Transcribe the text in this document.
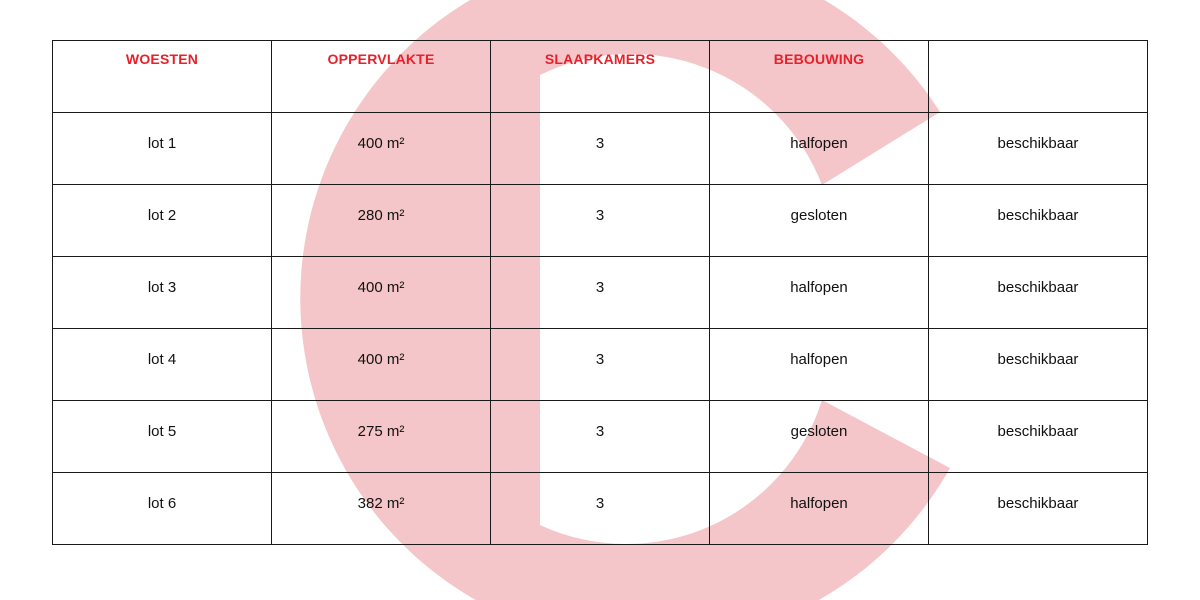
WOESTEN	OPPERVLAKTE	SLAAPKAMERS	BEBOUWING	
lot 1	400 m²	3	halfopen	beschikbaar
lot 2	280 m²	3	gesloten	beschikbaar
lot 3	400 m²	3	halfopen	beschikbaar
lot 4	400 m²	3	halfopen	beschikbaar
lot 5	275 m²	3	gesloten	beschikbaar
lot 6	382 m²	3	halfopen	beschikbaar
